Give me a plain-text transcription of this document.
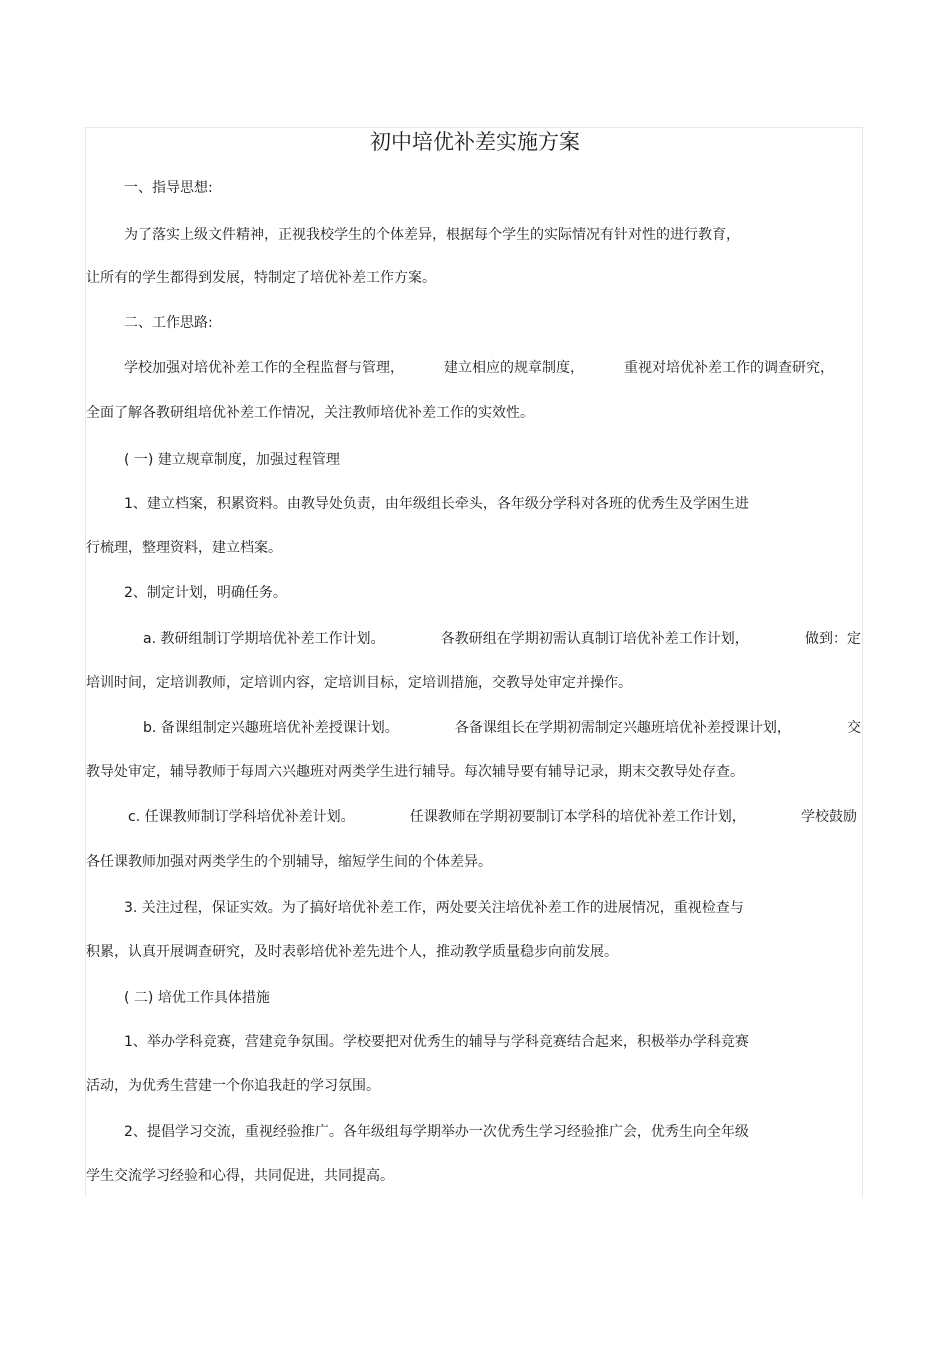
初中培优补差实施方案
一、指导思想:
为了落实上级文件精神，正视我校学生的个体差异，根据每个学生的实际情况有针对性的进行教育，
让所有的学生都得到发展，特制定了培优补差工作方案。
二、工作思路:
学校加强对培优补差工作的全程监督与管理，	建立相应的规章制度，	重视对培优补差工作的调查研究，
全面了解各教研组培优补差工作情况，关注教师培优补差工作的实效性。
( 一) 建立规章制度，加强过程管理
1、建立档案，积累资料。由教导处负责，由年级组长牵头，各年级分学科对各班的优秀生及学困生进
行梳理，整理资料，建立档案。
2、制定计划，明确任务。
a. 教研组制订学期培优补差工作计划。	各教研组在学期初需认真制订培优补差工作计划，	做到：定
培训时间，定培训教师，定培训内容，定培训目标，定培训措施，交教导处审定并操作。
b. 备课组制定兴趣班培优补差授课计划。	各备课组长在学期初需制定兴趣班培优补差授课计划，	交
教导处审定，辅导教师于每周六兴趣班对两类学生进行辅导。每次辅导要有辅导记录，期末交教导处存查。
c. 任课教师制订学科培优补差计划。	任课教师在学期初要制订本学科的培优补差工作计划，	学校鼓励
各任课教师加强对两类学生的个别辅导，缩短学生间的个体差异。
3. 关注过程，保证实效。为了搞好培优补差工作，两处要关注培优补差工作的进展情况，重视检查与
积累，认真开展调查研究，及时表彰培优补差先进个人，推动教学质量稳步向前发展。
( 二) 培优工作具体措施
1、举办学科竞赛，营建竞争氛围。学校要把对优秀生的辅导与学科竞赛结合起来，积极举办学科竞赛
活动，为优秀生营建一个你追我赶的学习氛围。
2、提倡学习交流，重视经验推广。各年级组每学期举办一次优秀生学习经验推广会，优秀生向全年级
学生交流学习经验和心得，共同促进，共同提高。
